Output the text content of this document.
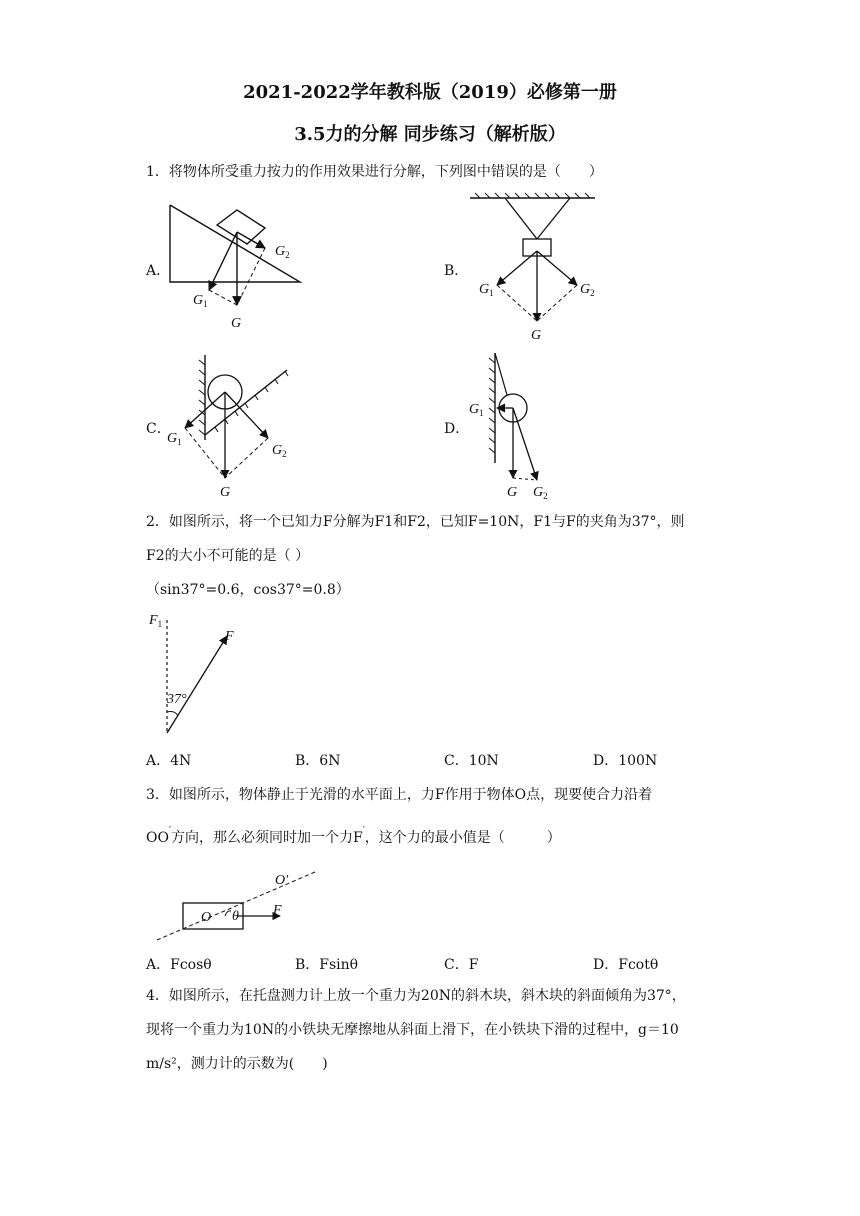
2021-2022学年教科版（2019）必修第一册
3.5力的分解 同步练习（解析版）
1．将物体所受重力按力的作用效果进行分解，下列图中错误的是（　　）
A．
$G_2$
$G_1$
G
B．
$G_1$	$G_2$
G
C．
$G_1$
$G_2$
G
D．
$G_1$
G $G_2$
2．如图所示，将一个已知力F分解为F1和F2，已知F=10N，F1与F的夹角为37°，则
F2的大小不可能的是（ ）
（sin37°=0.6，cos37°=0.8）
$F_1$
F
37°
A．4N	B．6N	C．10N	D．100N
3．如图所示，物体静止于光滑的水平面上，力F作用于物体O点，现要使合力沿着
OO′方向，那么必须同时加一个力F′，这个力的最小值是（　　　）
O θ F
O′
A．Fcosθ	B．Fsinθ	C．F	D．Fcotθ
4．如图所示，在托盘测力计上放一个重力为20N的斜木块，斜木块的斜面倾角为37°，
现将一个重力为10N的小铁块无摩擦地从斜面上滑下，在小铁块下滑的过程中，g＝10
m/s²，测力计的示数为(　　)
